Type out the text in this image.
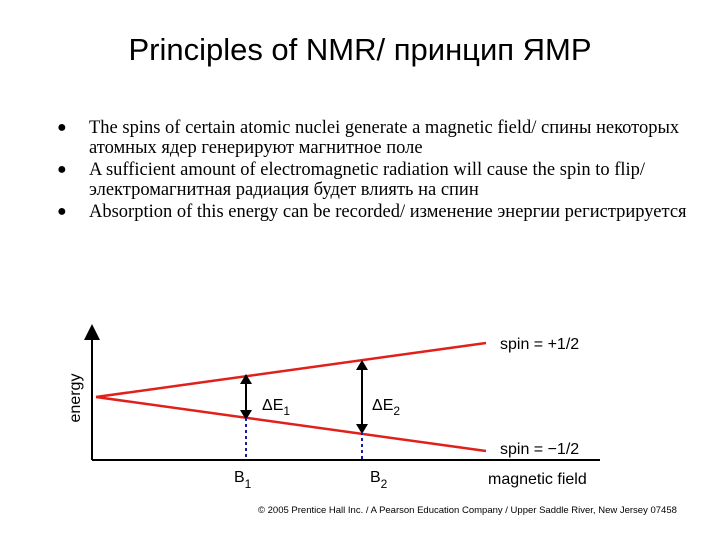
Principles of NMR/ принцип ЯМР
● The spins of certain atomic nuclei generate a magnetic field/ спины некоторых атомных ядер генерируют магнитное поле
● A sufficient amount of electromagnetic radiation will cause the spin to flip/ электромагнитная радиация будет влиять на спин
● Absorption of this energy can be recorded/ изменение энергии регистрируется
energy
spin = +1/2
spin = −1/2
magnetic field
$\Delta E_1$	$\Delta E_2$
$B_1$	$B_2$
© 2005 Prentice Hall Inc. / A Pearson Education Company / Upper Saddle River, New Jersey 07458
